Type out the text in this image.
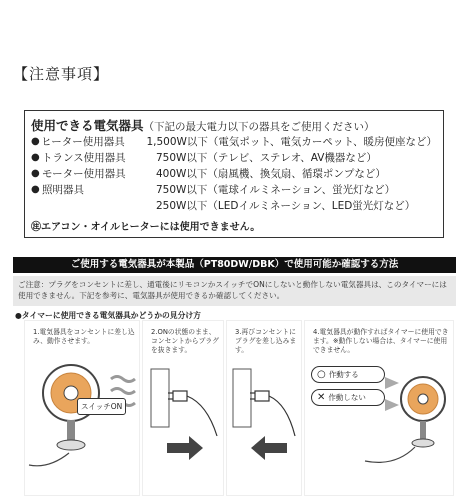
【注意事項】
使用できる電気器具（下記の最大電力以下の器具をご使用ください）
● ヒーター使用器具	1,500W以下（電気ポット、電気カーペット、暖房便座など）
● トランス使用器具	750W以下（テレビ、ステレオ、AV機器など）
● モーター使用器具	400W以下（扇風機、換気扇、循環ポンプなど）
● 照明器具	750W以下（電球イルミネーション、蛍光灯など）
250W以下（LEDイルミネーション、LED蛍光灯など）
㊟エアコン・オイルヒーターには使用できません。
ご使用する電気器具が本製品（PT80DW/DBK）で使用可能か確認する方法
ご注意：プラグをコンセントに差し、通電後にリモコンかスイッチでONにしないと動作しない電気器具は、このタイマーには使用できません。下記を参考に、電気器具が使用できるか確認してください。
●タイマーに使用できる電気器具かどうかの見分け方
1.電気器具をコンセントに差し込み、動作させます。
スイッチON
2.ONの状態のまま、コンセントからプラグを抜きます。
3.再びコンセントにプラグを差し込みます。
4.電気器具が動作すればタイマーに使用できます。※動作しない場合は、タイマーに使用できません。
○ 作動する
✕ 作動しない
